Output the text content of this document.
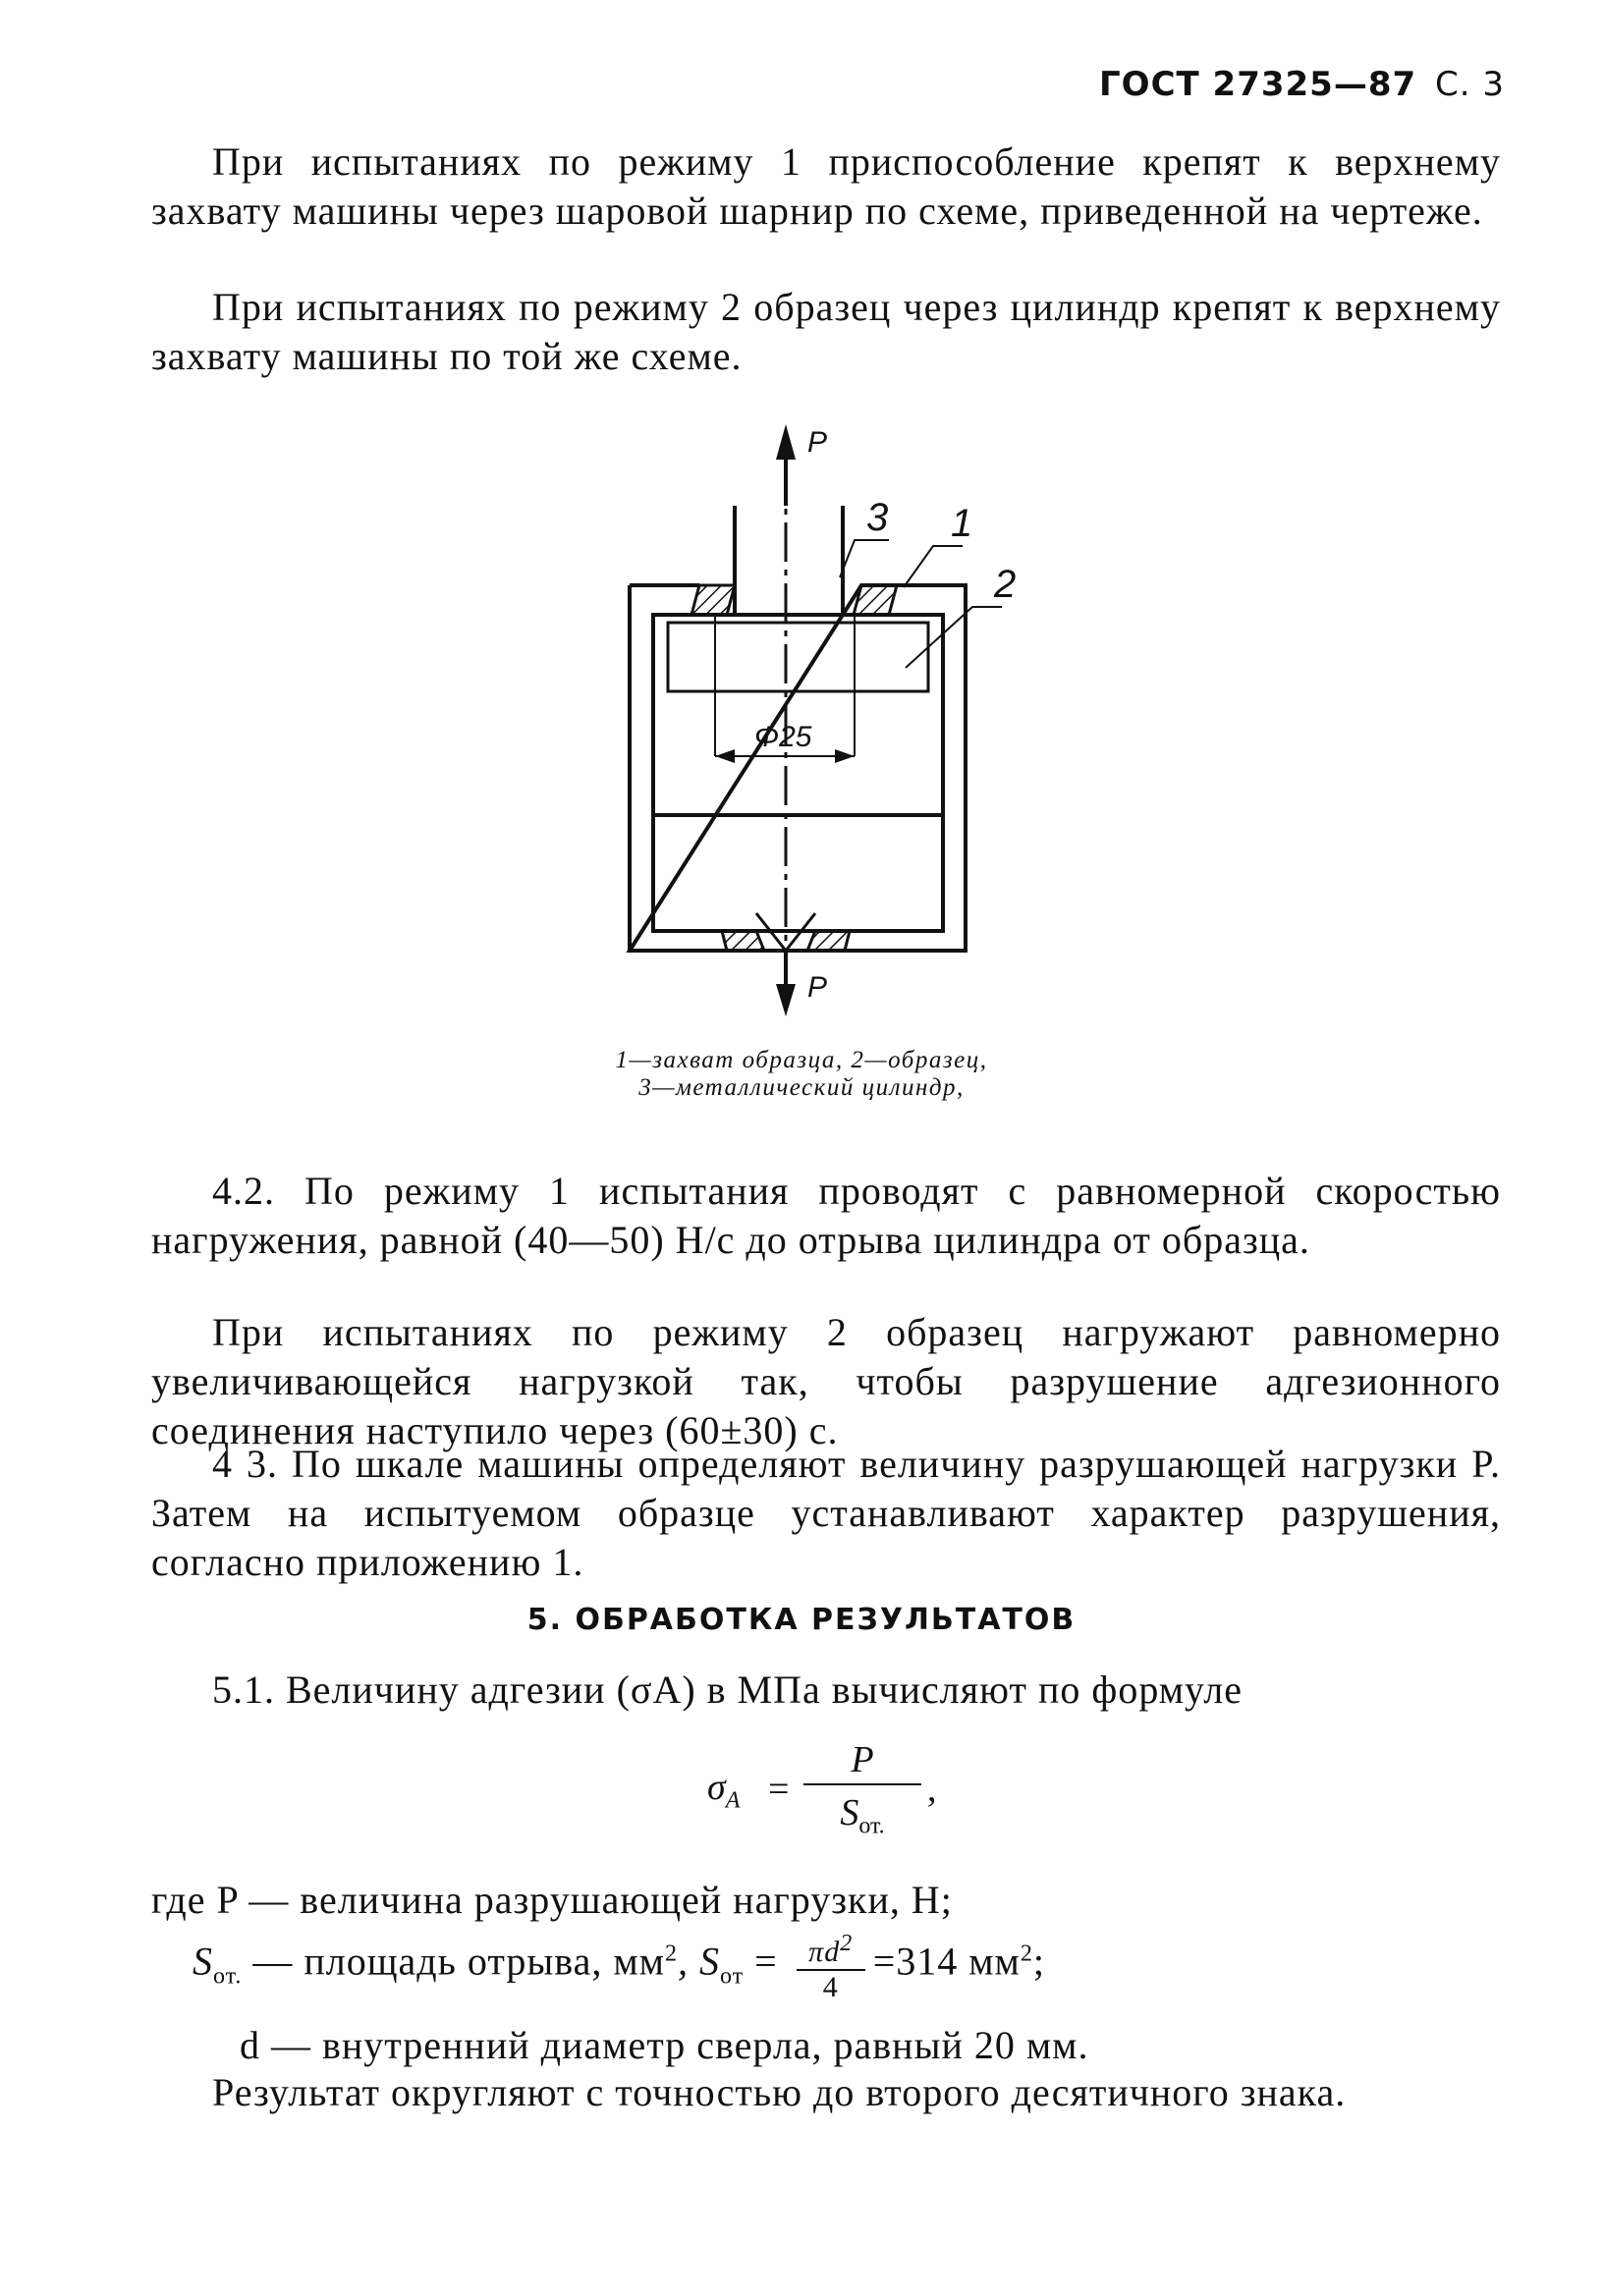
ГОСТ 27325—87 С. 3

При испытаниях по режиму 1 приспособление крепят к верхнему захвату машины через шаровой шарнир по схеме, приведенной на чертеже.

При испытаниях по режиму 2 образец через цилиндр крепят к верхнему захвату машины по той же схеме.

Φ25
P
P
3 1
2
1—захват образца, 2—образец,
3—металлический цилиндр,

4.2. По режиму 1 испытания проводят с равномерной скоростью нагружения, равной (40—50) Н/с до отрыва цилиндра от образца.

При испытаниях по режиму 2 образец нагружают равномерно увеличивающейся нагрузкой так, чтобы разрушение адгезионного соединения наступило через (60±30) с.

4 3. По шкале машины определяют величину разрушающей нагрузки P. Затем на испытуемом образце устанавливают характер разрушения, согласно приложению 1.

5. ОБРАБОТКА РЕЗУЛЬТАТОВ

5.1. Величину адгезии (σA) в МПа вычисляют по формуле

$\sigma_A$ =
P
$S_{от.}$
,
где P — величина разрушающей нагрузки, Н;
$S_{от.}$ — площадь отрыва, $мм^2$, $S_{от} = \frac{\pi d^2}{4} =314$ $мм^2$;
d — внутренний диаметр сверла, равный 20 мм.

Результат округляют с точностью до второго десятичного знака.
